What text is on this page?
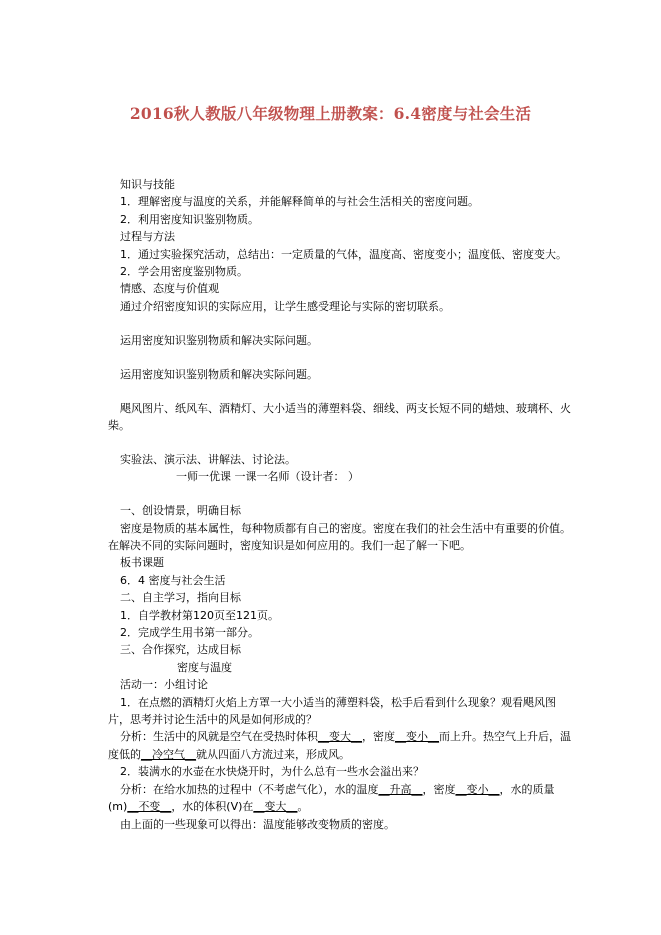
2016秋人教版八年级物理上册教案：6.4密度与社会生活

知识与技能

1．理解密度与温度的关系，并能解释简单的与社会生活相关的密度问题。

2．利用密度知识鉴别物质。

过程与方法

1．通过实验探究活动，总结出：一定质量的气体，温度高、密度变小；温度低、密度变大。

2．学会用密度鉴别物质。

情感、态度与价值观

通过介绍密度知识的实际应用，让学生感受理论与实际的密切联系。

运用密度知识鉴别物质和解决实际问题。

运用密度知识鉴别物质和解决实际问题。

飓风图片、纸风车、酒精灯、大小适当的薄塑料袋、细线、两支长短不同的蜡烛、玻璃杯、火柴。

实验法、演示法、讲解法、讨论法。

一师一优课 一课一名师（设计者： ）

一、创设情景，明确目标

密度是物质的基本属性，每种物质都有自己的密度。密度在我们的社会生活中有重要的价值。在解决不同的实际问题时，密度知识是如何应用的。我们一起了解一下吧。

板书课题

6．4 密度与社会生活

二、自主学习，指向目标

1．自学教材第120页至121页。

2．完成学生用书第一部分。

三、合作探究，达成目标

密度与温度

活动一：小组讨论

1．在点燃的酒精灯火焰上方罩一大小适当的薄塑料袋，松手后看到什么现象？观看飓风图片，思考并讨论生活中的风是如何形成的？

分析：生活中的风就是空气在受热时体积__变大__，密度__变小__而上升。热空气上升后，温度低的__冷空气__就从四面八方流过来，形成风。

2．装满水的水壶在水快烧开时，为什么总有一些水会溢出来？

分析：在给水加热的过程中（不考虑气化），水的温度__升高__，密度__变小__，水的质量(m)__不变__，水的体积(V)在__变大__。

由上面的一些现象可以得出：温度能够改变物质的密度。
